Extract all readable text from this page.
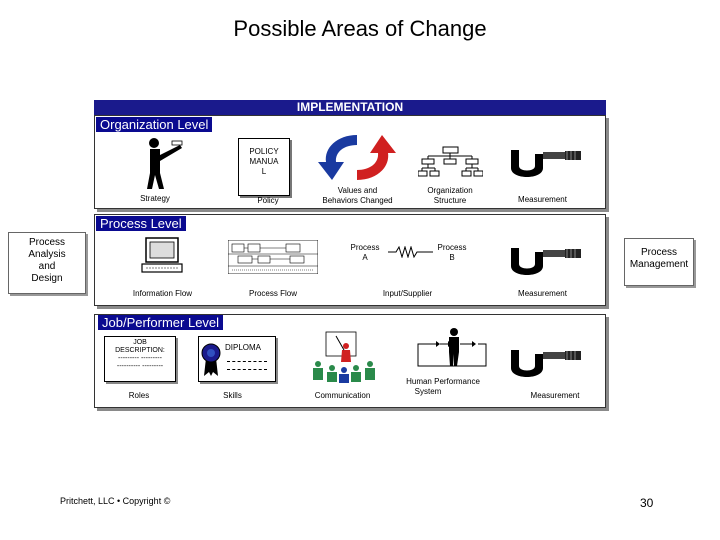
Possible Areas of Change
IMPLEMENTATION
Organization Level
Strategy
POLICY
MANUA
L
Policy
Values and
Behaviors Changed
Organization
Structure	Measurement
Process Level
Process
Analysis
and
Design
Process
Management
Information Flow	Process Flow
Process
A
Process
B
Input/Supplier	Measurement
Job/Performer Level
JOB
DESCRIPTION:
--------- ---------
---------- ---------
Roles
DIPLOMA
Skills	Communication
Human Performance
System	Measurement
Pritchett, LLC • Copyright ©	30
